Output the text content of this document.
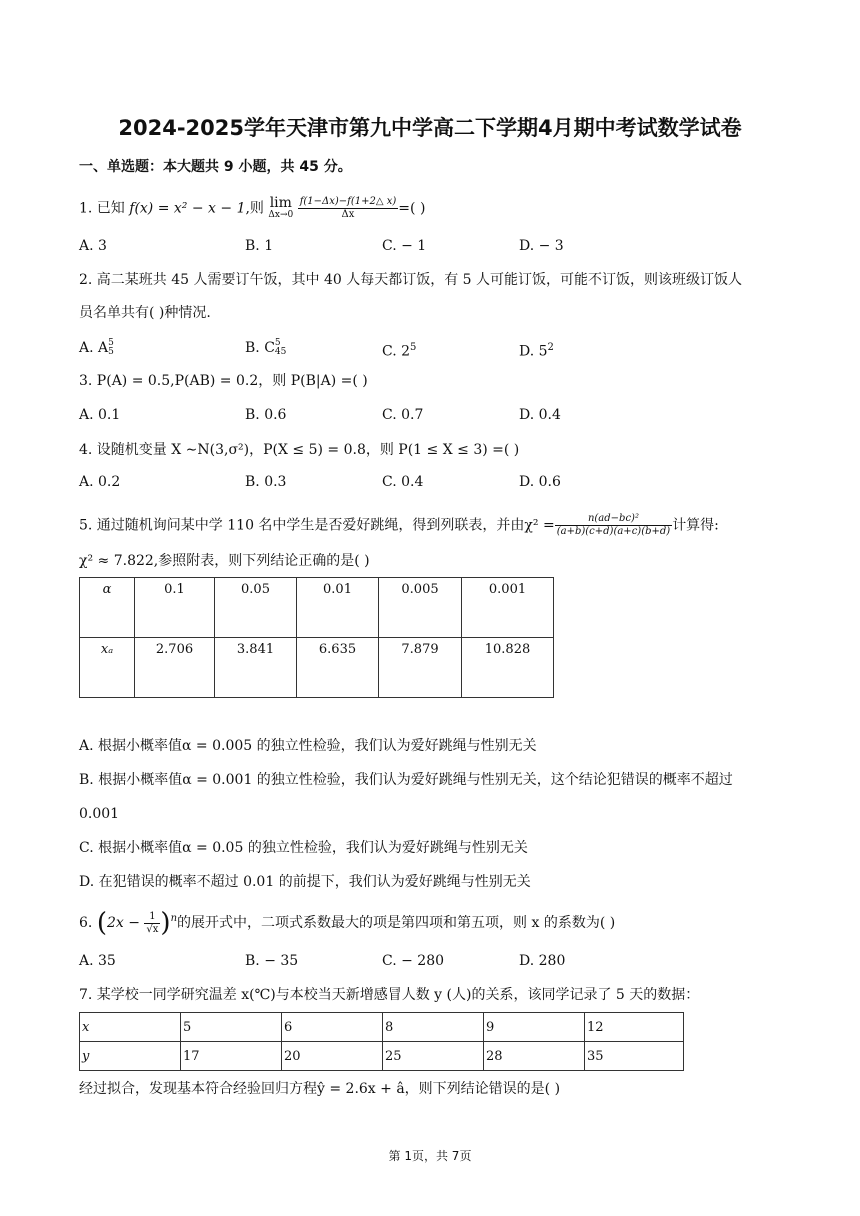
2024-2025学年天津市第九中学高二下学期4月期中考试数学试卷
一、单选题：本大题共 9 小题，共 45 分。
1. 已知 f(x) = x² − x − 1,则 lim
Δx→0
$\frac{f(1-\Delta x)-f(1+2\triangle x)}{\Delta x}$ =( )
A. 3	B. 1	C. − 1	D. − 3
2. 高二某班共 45 人需要订午饭，其中 40 人每天都订饭，有 5 人可能订饭，可能不订饭，则该班级订饭人
员名单共有( )种情况.
A. A 5
5	B. C 5
45	C. $2^5$	D. $5^2$
3. P(A) = 0.5,P(AB) = 0.2，则 P(B|A) =( )
A. 0.1	B. 0.6	C. 0.7	D. 0.4
4. 设随机变量 X ∼N(3,σ²)，P(X ≤ 5) = 0.8，则 P(1 ≤ X ≤ 3) =( )
A. 0.2	B. 0.3	C. 0.4	D. 0.6
5. 通过随机询问某中学 110 名中学生是否爱好跳绳，得到列联表，并由$\chi^2 = \frac{\text{n(ad−bc)²}}{(a+b)(c+d)(a+c)(b+d)}$ 计算得:
χ² ≈ 7.822,参照附表，则下列结论正确的是( )
α	0.1	0.05	0.01	0.005	0.001
xₐ	2.706	3.841	6.635	7.879	10.828
A. 根据小概率值α = 0.005 的独立性检验，我们认为爱好跳绳与性别无关
B. 根据小概率值α = 0.001 的独立性检验，我们认为爱好跳绳与性别无关，这个结论犯错误的概率不超过
0.001
C. 根据小概率值α = 0.05 的独立性检验，我们认为爱好跳绳与性别无关
D. 在犯错误的概率不超过 0.01 的前提下，我们认为爱好跳绳与性别无关
6. $(2x - \frac{1}{√x} )^n$的展开式中，二项式系数最大的项是第四项和第五项，则 x 的系数为( )
A. 35	B. − 35	C. − 280	D. 280
7. 某学校一同学研究温差 x(℃)与本校当天新增感冒人数 y (人)的关系，该同学记录了 5 天的数据：
x	5	6	8	9	12
y	17	20	25	28	35
经过拟合，发现基本符合经验回归方程ŷ = 2.6x + â，则下列结论错误的是( )
第 1页，共 7页
